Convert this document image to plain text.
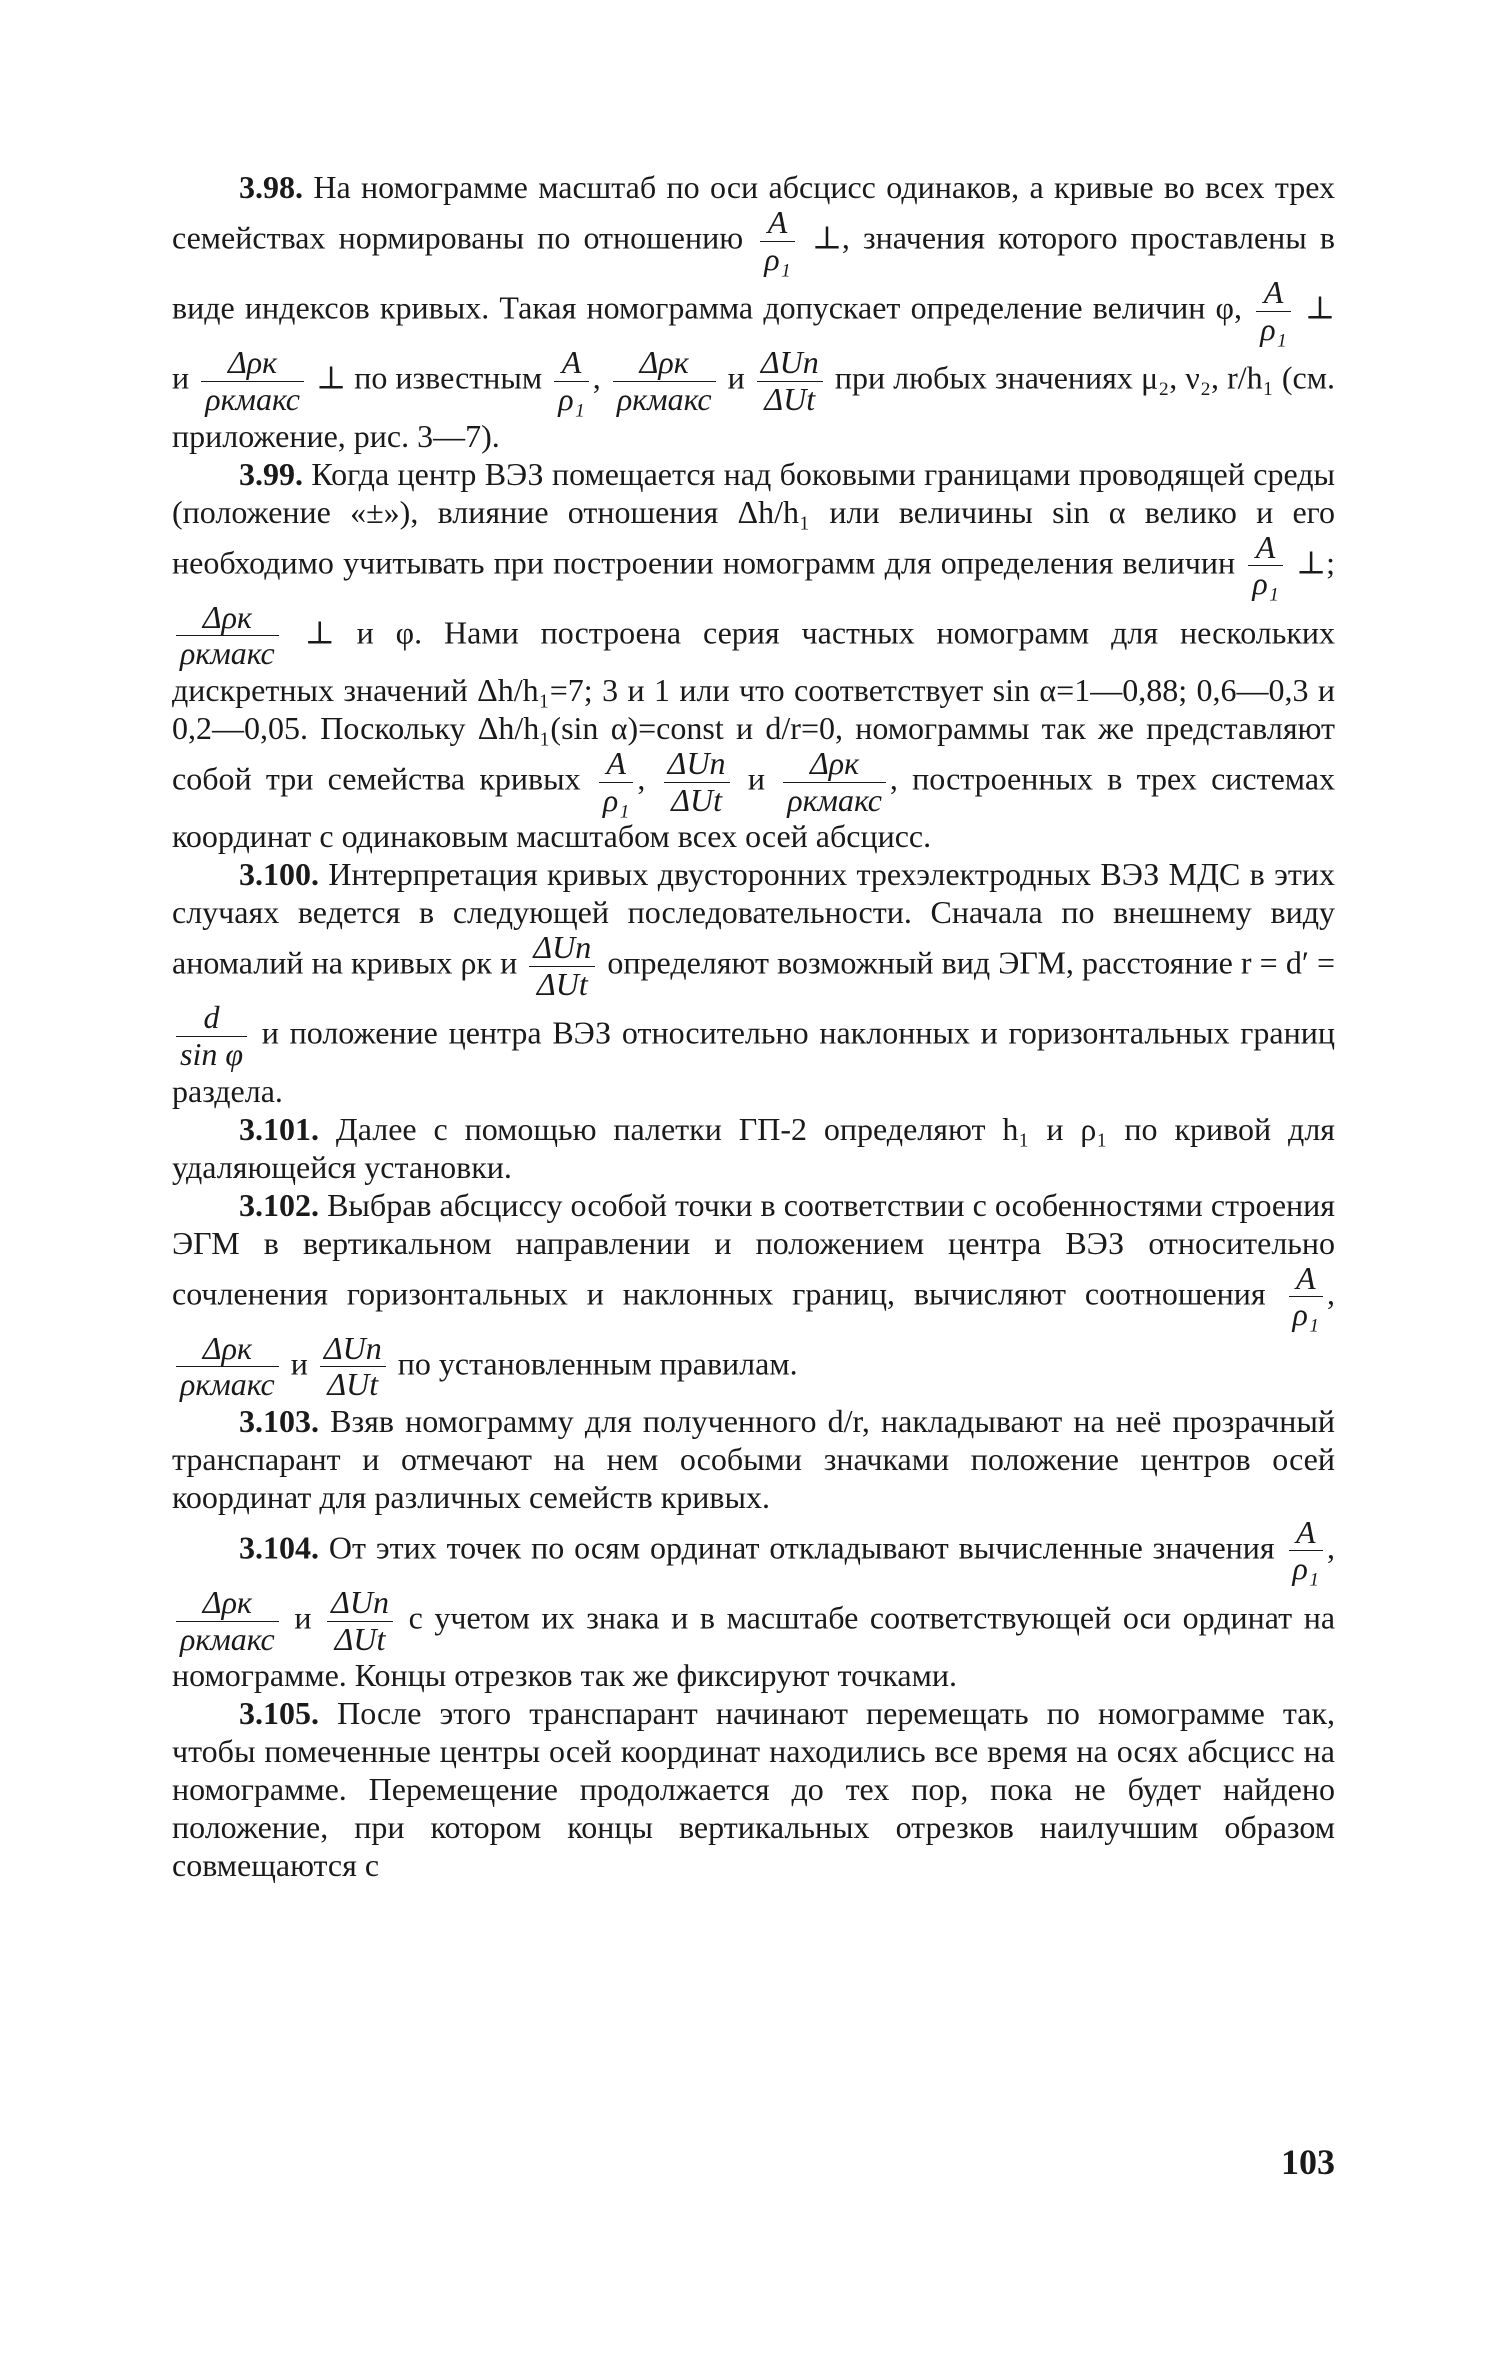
3.98. На номограмме масштаб по оси абсцисс одинаков, а кривые во всех трех семействах нормированы по отношению $\frac{A}{\text{ρ₁}}$ ⊥, значения которого проставлены в виде индексов кривых. Такая номограмма допускает определение величин φ, $\frac{A}{\text{ρ₁}}$ ⊥ и $\frac{\text{Δρк}}{\text{ρкмакс}}$ ⊥ по известным $\frac{A}{\text{ρ₁}}$ , $\frac{\text{Δρк}}{\text{ρкмакс}}$ и $\frac{\text{ΔUn}}{\text{ΔUt}}$ при любых значениях μ₂, ν₂, r/h₁ (см. приложение, рис. 3—7).

3.99. Когда центр ВЭЗ помещается над боковыми границами проводящей среды (положение «±»), влияние отношения Δh/h₁ или величины sin α велико и его необходимо учитывать при построении номограмм для определения величин $\frac{A}{\text{ρ₁}}$ ⊥;
$\frac{\text{Δρк}}{\text{ρкмакс}}$ ⊥ и φ. Нами построена серия частных номограмм для нескольких дискретных значений Δh/h₁=7; 3 и 1 или что соответствует sin α=1—0,88; 0,6—0,3 и 0,2—0,05. Поскольку Δh/h₁(sin α)=const и d/r=0, номограммы так же представляют собой три семейства кривых $\frac{A}{\text{ρ₁}}$ , $\frac{\text{ΔUn}}{\text{ΔUt}}$ и $\frac{\text{Δρк}}{\text{ρкмакс}}$ , построенных в трех системах координат с одинаковым масштабом всех осей абсцисс.

3.100. Интерпретация кривых двусторонних трехэлектродных ВЭЗ МДС в этих случаях ведется в следующей последовательности. Сначала по внешнему виду аномалий на кривых ρк и $\frac{\text{ΔUn}}{\text{ΔUt}}$ определяют возможный вид ЭГМ, расстояние r = d′ =
$\frac{d}{\text{sin φ}}$ и положение центра ВЭЗ относительно наклонных и горизонтальных границ раздела.

3.101. Далее с помощью палетки ГП-2 определяют h₁ и ρ₁ по кривой для удаляющейся установки.

3.102. Выбрав абсциссу особой точки в соответствии с особенностями строения ЭГМ в вертикальном направлении и положением центра ВЭЗ относительно сочленения горизонтальных и наклонных границ, вычисляют соотношения $\frac{A}{\text{ρ₁}}$ ,
$\frac{\text{Δρк}}{\text{ρкмакс}}$ и $\frac{\text{ΔUn}}{\text{ΔUt}}$ по установленным правилам.

3.103. Взяв номограмму для полученного d/r, накладывают на неё прозрачный транспарант и отмечают на нем особыми значками положение центров осей координат для различных семейств кривых.

3.104. От этих точек по осям ординат откладывают вычисленные значения $\frac{A}{\text{ρ₁}}$ ,
$\frac{\text{Δρк}}{\text{ρкмакс}}$ и $\frac{\text{ΔUn}}{\text{ΔUt}}$ с учетом их знака и в масштабе соответствующей оси ординат на номограмме. Концы отрезков так же фиксируют точками.

3.105. После этого транспарант начинают перемещать по номограмме так, чтобы помеченные центры осей координат находились все время на осях абсцисс на номограмме. Перемещение продолжается до тех пор, пока не будет найдено положение, при котором концы вертикальных отрезков наилучшим образом совмещаются с

103
